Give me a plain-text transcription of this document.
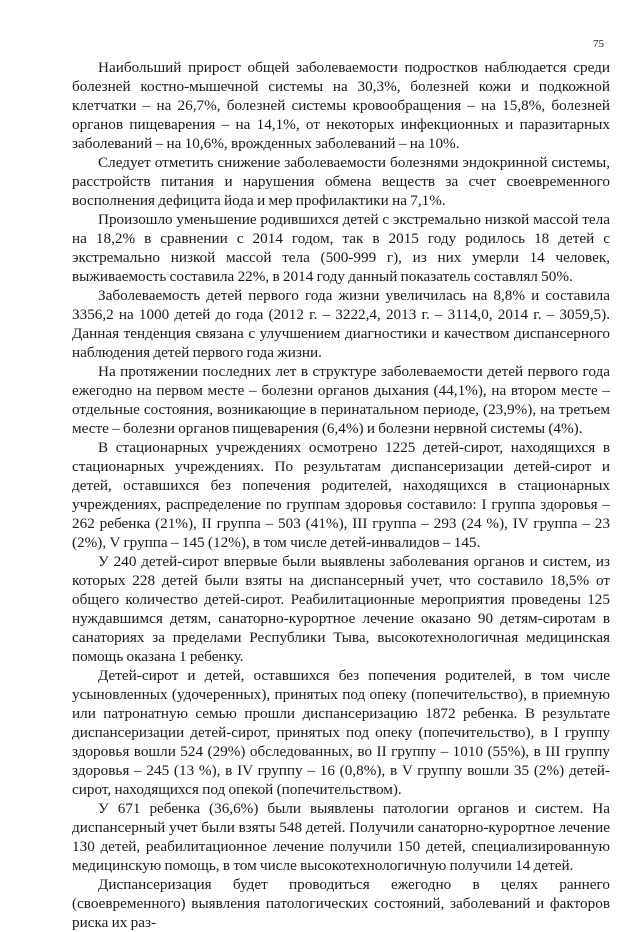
75

Наибольший прирост общей заболеваемости подростков наблюдается среди болезней костно-мышечной системы на 30,3%, болезней кожи и подкожной клетчатки – на 26,7%, болезней системы кровообращения – на 15,8%, болезней органов пищеварения – на 14,1%, от некоторых инфекционных и паразитарных заболеваний – на 10,6%, врожденных заболеваний – на 10%.

Следует отметить снижение заболеваемости болезнями эндокринной системы, расстройств питания и нарушения обмена веществ за счет своевременного восполнения дефицита йода и мер профилактики на 7,1%.

Произошло уменьшение родившихся детей с экстремально низкой массой тела на 18,2% в сравнении с 2014 годом, так в 2015 году родилось 18 детей с экстремально низкой массой тела (500-999 г), из них умерли 14 человек, выживаемость составила 22%, в 2014 году данный показатель составлял 50%.

Заболеваемость детей первого года жизни увеличилась на 8,8% и составила 3356,2 на 1000 детей до года (2012 г. – 3222,4, 2013 г. – 3114,0, 2014 г. – 3059,5). Данная тенденция связана с улучшением диагностики и качеством диспансерного наблюдения детей первого года жизни.

На протяжении последних лет в структуре заболеваемости детей первого года ежегодно на первом месте – болезни органов дыхания (44,1%), на втором месте – отдельные состояния, возникающие в перинатальном периоде, (23,9%), на третьем месте – болезни органов пищеварения (6,4%) и болезни нервной системы (4%).

В стационарных учреждениях осмотрено 1225 детей-сирот, находящихся в стационарных учреждениях. По результатам диспансеризации детей-сирот и детей, оставшихся без попечения родителей, находящихся в стационарных учреждениях, распределение по группам здоровья составило: I группа здоровья – 262 ребенка (21%), II группа – 503 (41%), III группа – 293 (24 %), IV группа – 23 (2%), V группа – 145 (12%), в том числе детей-инвалидов – 145.

У 240 детей-сирот впервые были выявлены заболевания органов и систем, из которых 228 детей были взяты на диспансерный учет, что составило 18,5% от общего количество детей-сирот. Реабилитационные мероприятия проведены 125 нуждавшимся детям, санаторно-курортное лечение оказано 90 детям-сиротам в санаториях за пределами Республики Тыва, высокотехнологичная медицинская помощь оказана 1 ребенку.

Детей-сирот и детей, оставшихся без попечения родителей, в том числе усыновленных (удочеренных), принятых под опеку (попечительство), в приемную или патронатную семью прошли диспансеризацию 1872 ребенка. В результате диспансеризации детей-сирот, принятых под опеку (попечительство), в I группу здоровья вошли 524 (29%) обследованных, во II группу – 1010 (55%), в III группу здоровья – 245 (13 %), в IV группу – 16 (0,8%), в V группу вошли 35 (2%) детей-сирот, находящихся под опекой (попечительством).

У 671 ребенка (36,6%) были выявлены патологии органов и систем. На диспансерный учет были взяты 548 детей. Получили санаторно-курортное лечение 130 детей, реабилитационное лечение получили 150 детей, специализированную медицинскую помощь, в том числе высокотехнологичную получили 14 детей.

Диспансеризация будет проводиться ежегодно в целях раннего (своевременного) выявления патологических состояний, заболеваний и факторов риска их раз-
